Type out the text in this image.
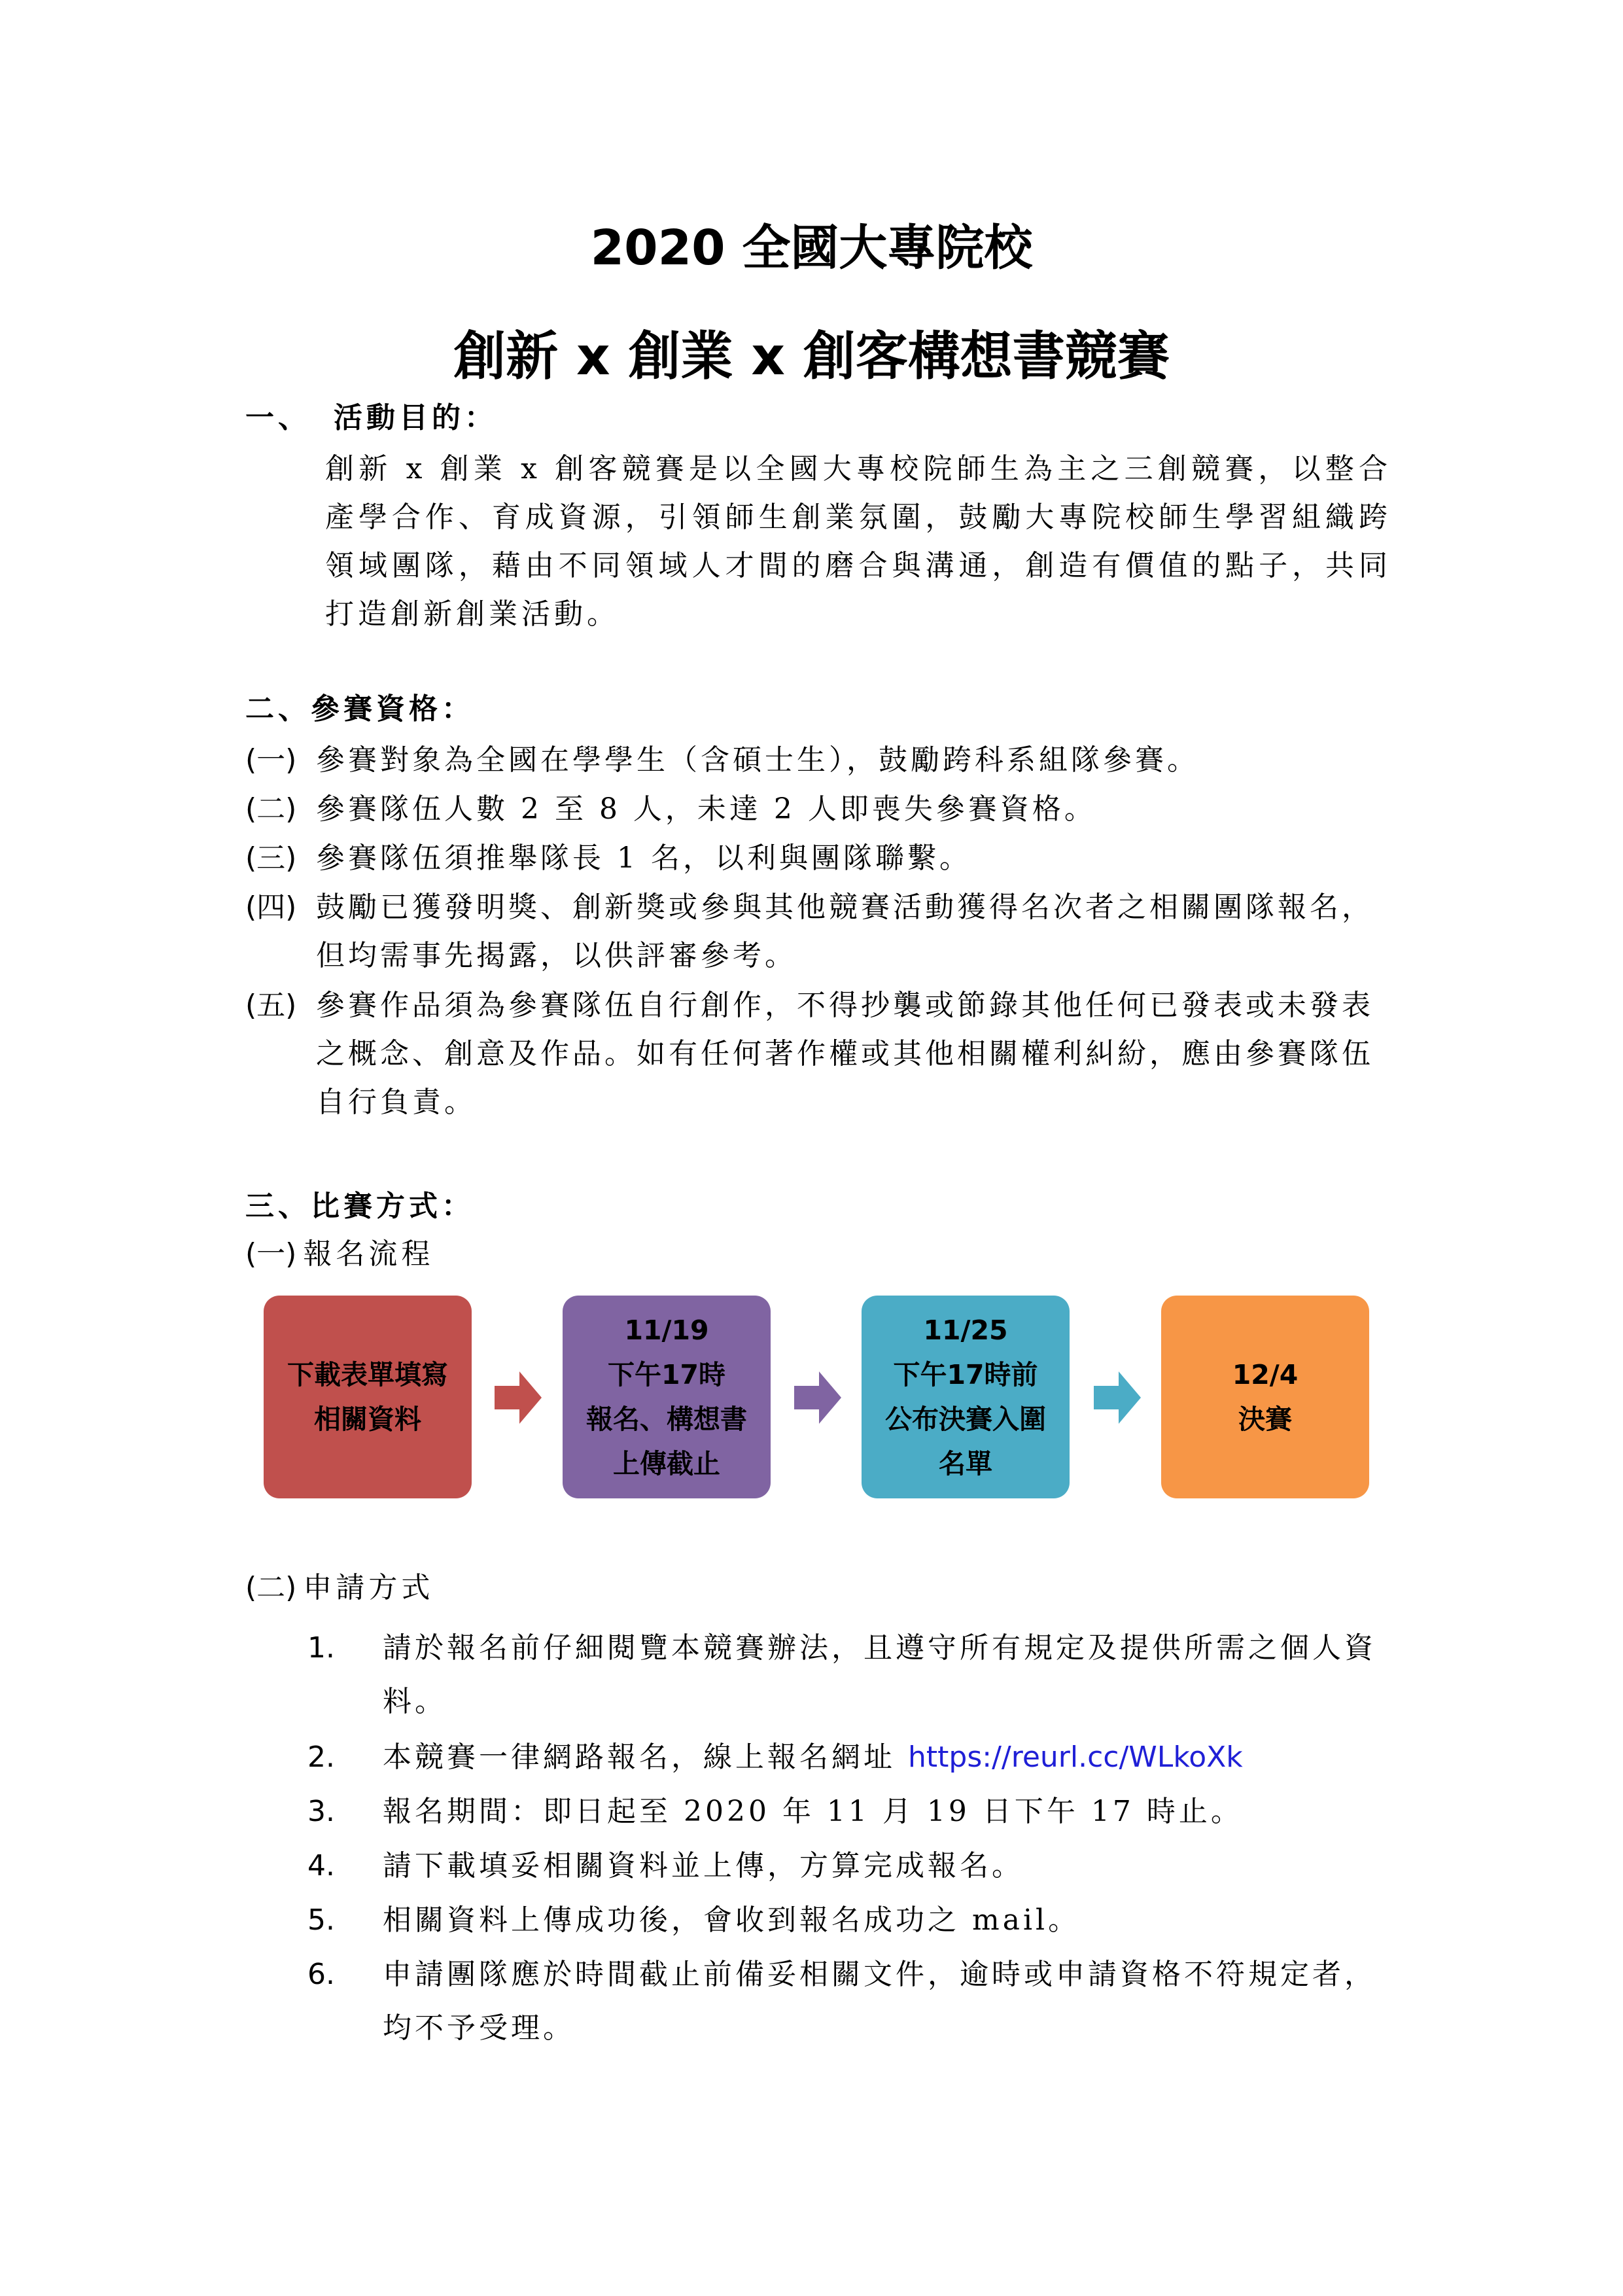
2020 全國大專院校
創新 x 創業 x 創客構想書競賽
一、 活動目的：

創新 x 創業 x 創客競賽是以全國大專校院師生為主之三創競賽，以整合產學合作、育成資源，引領師生創業氛圍，鼓勵大專院校師生學習組織跨領域團隊，藉由不同領域人才間的磨合與溝通，創造有價值的點子，共同打造創新創業活動。

二、參賽資格：
(一) 參賽對象為全國在學學生（含碩士生），鼓勵跨科系組隊參賽。
(二) 參賽隊伍人數 2 至 8 人，未達 2 人即喪失參賽資格。
(三) 參賽隊伍須推舉隊長 1 名，以利與團隊聯繫。
(四) 鼓勵已獲發明獎、創新獎或參與其他競賽活動獲得名次者之相關團隊報名，但均需事先揭露，以供評審參考。
(五) 參賽作品須為參賽隊伍自行創作，不得抄襲或節錄其他任何已發表或未發表之概念、創意及作品。如有任何著作權或其他相關權利糾紛，應由參賽隊伍自行負責。
三、比賽方式：
(一) 報名流程
下載表單填寫
相關資料
11/19
下午17時
報名、構想書
上傳截止
11/25
下午17時前
公布決賽入圍
名單
12/4
決賽
(二) 申請方式
1.	請於報名前仔細閱覽本競賽辦法，且遵守所有規定及提供所需之個人資料。
2.	本競賽一律網路報名，線上報名網址 https://reurl.cc/WLkoXk
3.	報名期間：即日起至 2020 年 11 月 19 日下午 17 時止。
4.	請下載填妥相關資料並上傳，方算完成報名。
5.	相關資料上傳成功後，會收到報名成功之 mail。
6.	申請團隊應於時間截止前備妥相關文件，逾時或申請資格不符規定者，均不予受理。
